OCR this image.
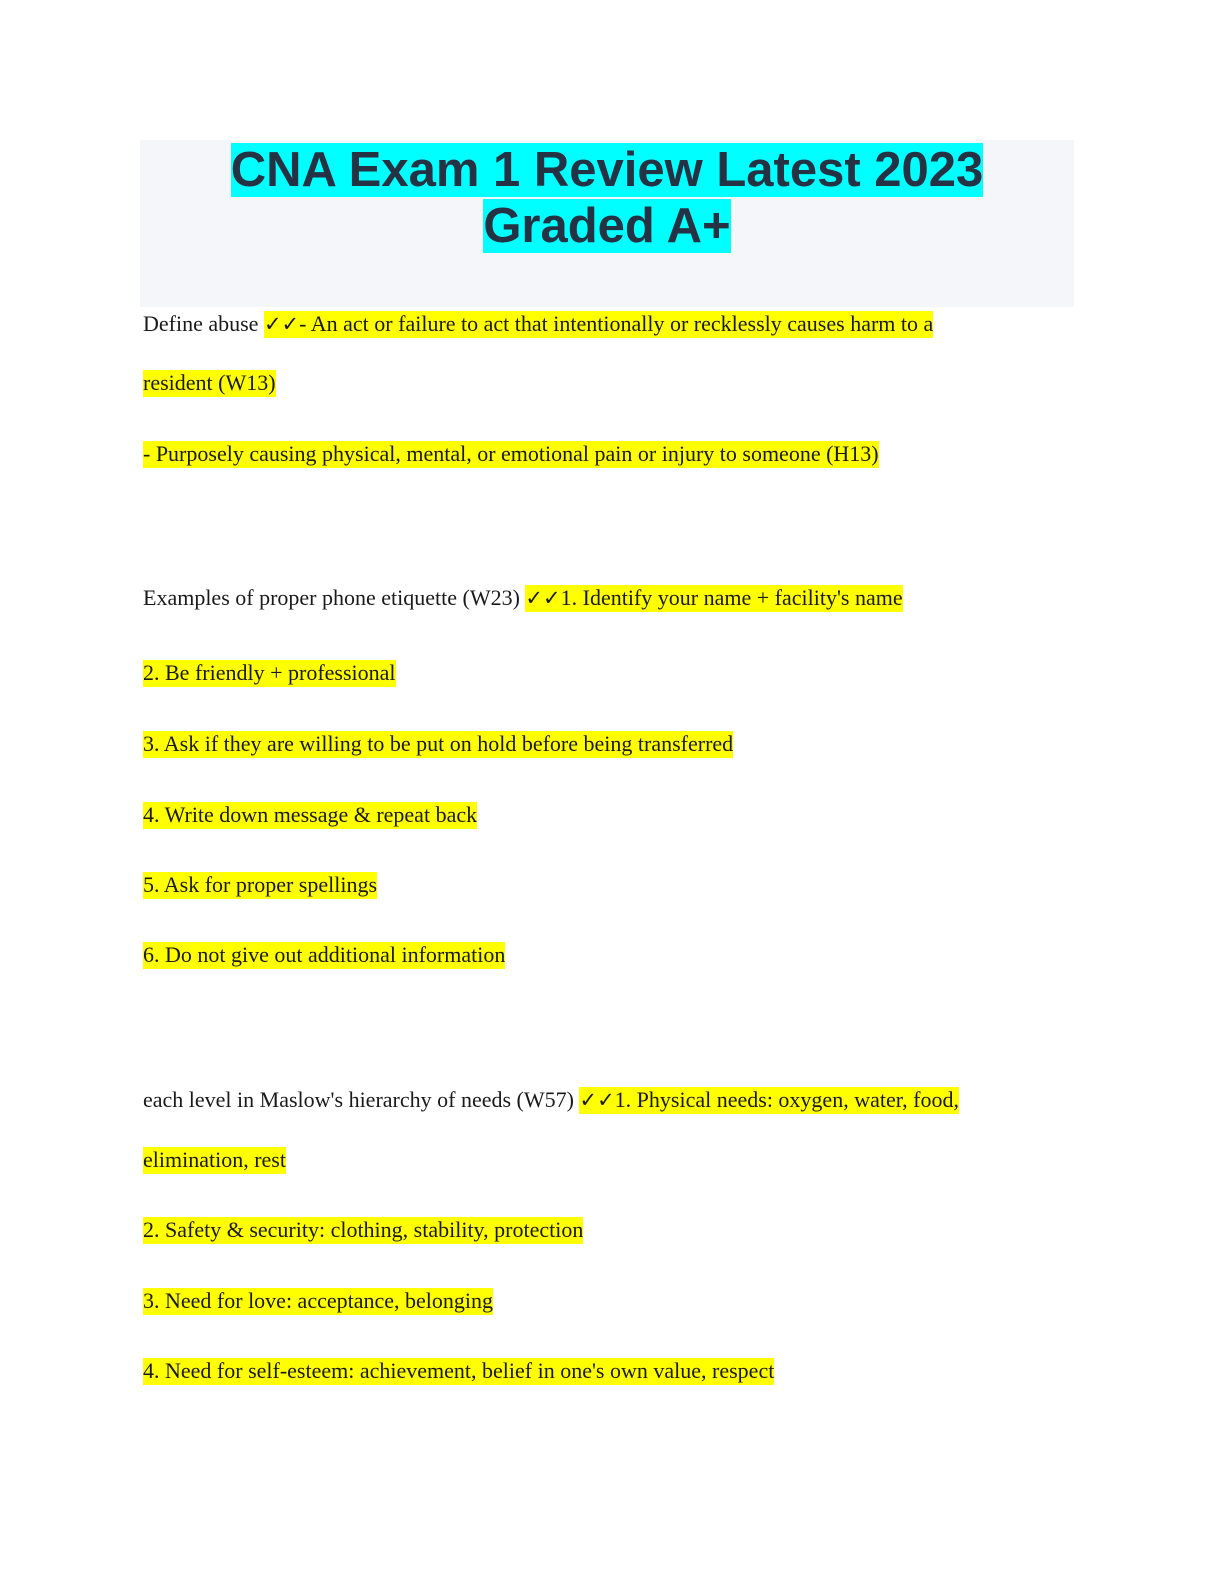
CNA Exam 1 Review Latest 2023 Graded A+
Define abuse ✓✓- An act or failure to act that intentionally or recklessly causes harm to a
resident (W13)
- Purposely causing physical, mental, or emotional pain or injury to someone (H13)
Examples of proper phone etiquette (W23) ✓✓1. Identify your name + facility's name
2. Be friendly + professional
3. Ask if they are willing to be put on hold before being transferred
4. Write down message & repeat back
5. Ask for proper spellings
6. Do not give out additional information
each level in Maslow's hierarchy of needs (W57) ✓✓1. Physical needs: oxygen, water, food,
elimination, rest
2. Safety & security: clothing, stability, protection
3. Need for love: acceptance, belonging
4. Need for self-esteem: achievement, belief in one's own value, respect
